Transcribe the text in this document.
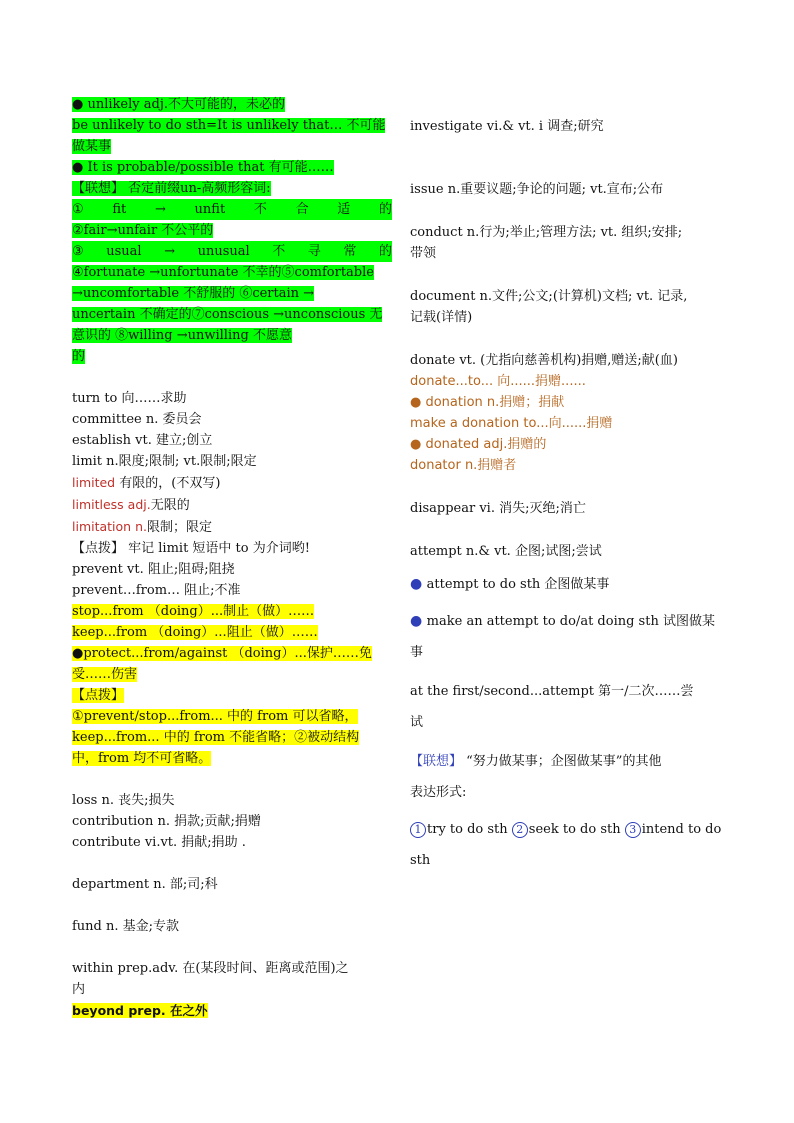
● unlikely adj.不大可能的，未必的
be unlikely to do sth=It is unlikely that… 不可能
做某事
● It is probable/possible that 有可能……
【联想】 否定前缀un-高频形容词:
① fit → unfit 不 合 适 的
②fair→unfair 不公平的
③ usual → unusual 不 寻 常 的
④fortunate →unfortunate 不幸的⑤comfortable
→uncomfortable 不舒服的 ⑥certain →
uncertain 不确定的⑦conscious →unconscious 无
意识的 ⑧willing →unwilling 不愿意
的
turn to 向……求助
committee n. 委员会
establish vt. 建立;创立
limit n.限度;限制; vt.限制;限定
limited 有限的，(不双写)
limitless adj.无限的
limitation n.限制；限定
【点拨】 牢记 limit 短语中 to 为介词哟!
prevent vt. 阻止;阻碍;阻挠
prevent…from… 阻止;不准
stop...from （doing）...制止（做）……
keep...from （doing）...阻止（做）……
●protect...from/against （doing）...保护……免
受……伤害
【点拨】
①prevent/stop...from... 中的 from 可以省略，
keep...from... 中的 from 不能省略；②被动结构
中，from 均不可省略。
loss n. 丧失;损失
contribution n. 捐款;贡献;捐赠
contribute vi.vt. 捐献;捐助 .
department n. 部;司;科
fund n. 基金;专款
within prep.adv. 在(某段时间、距离或范围)之
内
beyond prep. 在之外
investigate vi.& vt. i 调查;研究
issue n.重要议题;争论的问题; vt.宣布;公布
conduct n.行为;举止;管理方法; vt. 组织;安排;
带领
document n.文件;公文;(计算机)文档; vt. 记录,
记载(详情)
donate vt. (尤指向慈善机构)捐赠,赠送;献(血)
donate...to... 向......捐赠......
● donation n.捐赠；捐献
make a donation to...向......捐赠
● donated adj.捐赠的
donator n.捐赠者
disappear vi. 消失;灭绝;消亡
attempt n.& vt. 企图;试图;尝试
● attempt to do sth 企图做某事
● make an attempt to do/at doing sth 试图做某
事
at the first/second...attempt 第一/二次……尝
试
【联想】 “努力做某事；企图做某事”的其他
表达形式:
1 try to do sth 2 seek to do sth 3 intend to do
sth
